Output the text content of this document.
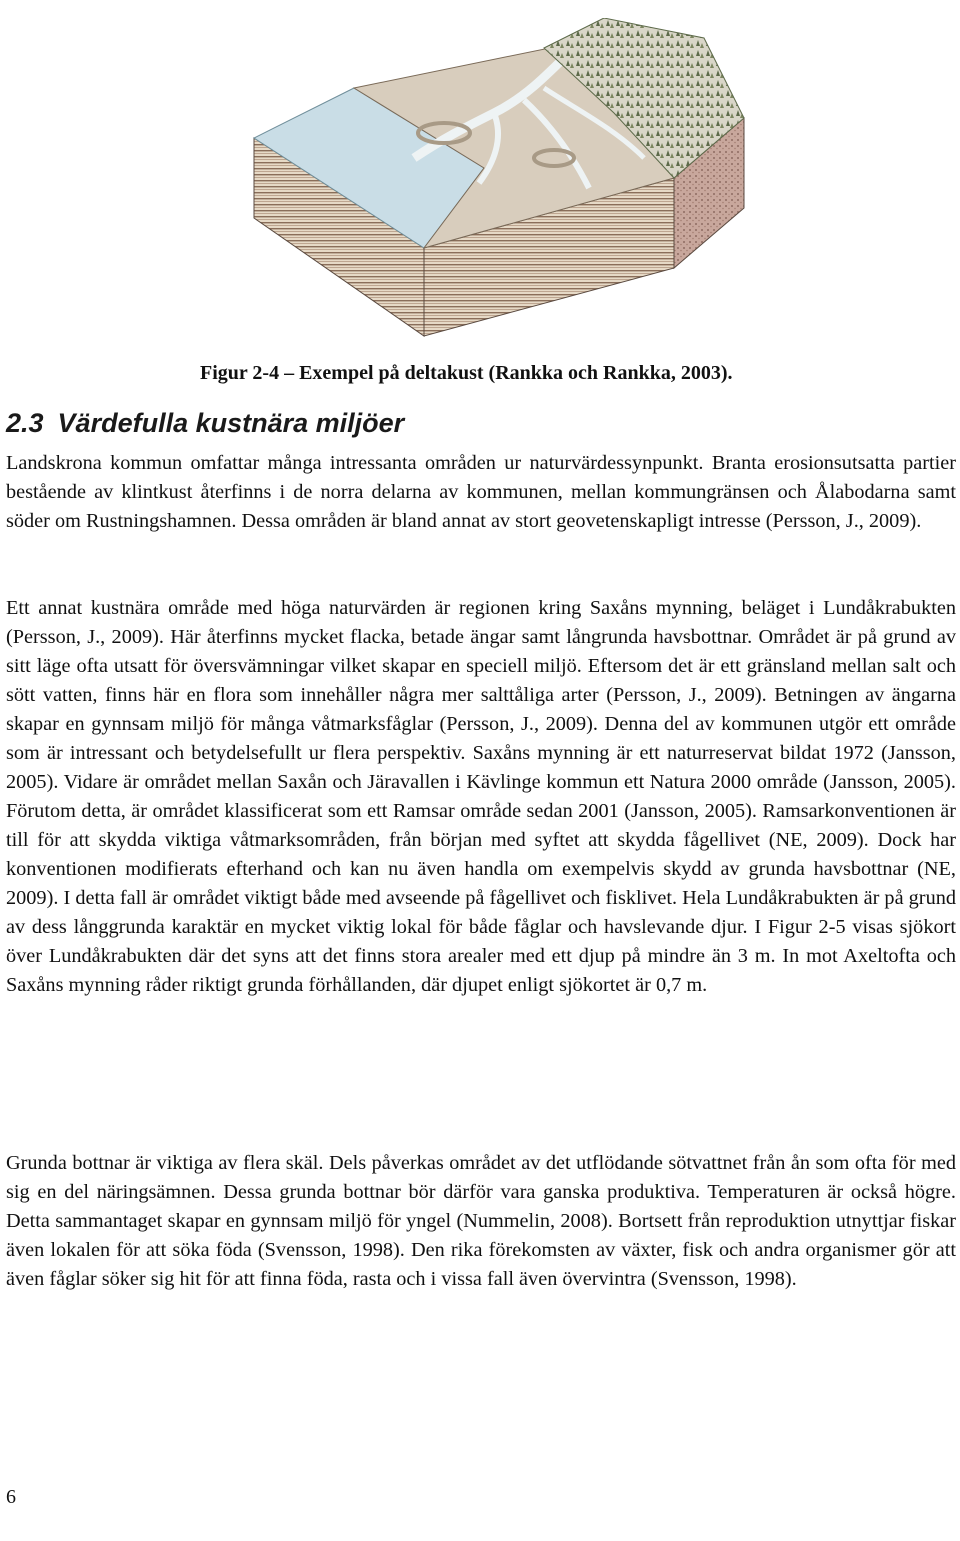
Figur 2-4 – Exempel på deltakust (Rankka och Rankka, 2003).
2.3 Värdefulla kustnära miljöer

Landskrona kommun omfattar många intressanta områden ur naturvärdessynpunkt. Branta erosionsutsatta partier bestående av klintkust återfinns i de norra delarna av kommunen, mellan kommungränsen och Ålabodarna samt söder om Rustningshamnen. Dessa områden är bland annat av stort geovetenskapligt intresse (Persson, J., 2009).

Ett annat kustnära område med höga naturvärden är regionen kring Saxåns mynning, beläget i Lundåkrabukten (Persson, J., 2009). Här återfinns mycket flacka, betade ängar samt långrunda havsbottnar. Området är på grund av sitt läge ofta utsatt för översvämningar vilket skapar en speciell miljö. Eftersom det är ett gränsland mellan salt och sött vatten, finns här en flora som innehåller några mer salttåliga arter (Persson, J., 2009). Betningen av ängarna skapar en gynnsam miljö för många våtmarksfåglar (Persson, J., 2009). Denna del av kommunen utgör ett område som är intressant och betydelsefullt ur flera perspektiv. Saxåns mynning är ett naturreservat bildat 1972 (Jansson, 2005). Vidare är området mellan Saxån och Järavallen i Kävlinge kommun ett Natura 2000 område (Jansson, 2005). Förutom detta, är området klassificerat som ett Ramsar område sedan 2001 (Jansson, 2005). Ramsarkonventionen är till för att skydda viktiga våtmarksområden, från början med syftet att skydda fågellivet (NE, 2009). Dock har konventionen modifierats efterhand och kan nu även handla om exempelvis skydd av grunda havsbottnar (NE, 2009). I detta fall är området viktigt både med avseende på fågellivet och fisklivet. Hela Lundåkrabukten är på grund av dess långgrunda karaktär en mycket viktig lokal för både fåglar och havslevande djur. I Figur 2-5 visas sjökort över Lundåkrabukten där det syns att det finns stora arealer med ett djup på mindre än 3 m. In mot Axeltofta och Saxåns mynning råder riktigt grunda förhållanden, där djupet enligt sjökortet är 0,7 m.

Grunda bottnar är viktiga av flera skäl. Dels påverkas området av det utflödande sötvattnet från ån som ofta för med sig en del näringsämnen. Dessa grunda bottnar bör därför vara ganska produktiva. Temperaturen är också högre. Detta sammantaget skapar en gynnsam miljö för yngel (Nummelin, 2008). Bortsett från reproduktion utnyttjar fiskar även lokalen för att söka föda (Svensson, 1998). Den rika förekomsten av växter, fisk och andra organismer gör att även fåglar söker sig hit för att finna föda, rasta och i vissa fall även övervintra (Svensson, 1998).

6
